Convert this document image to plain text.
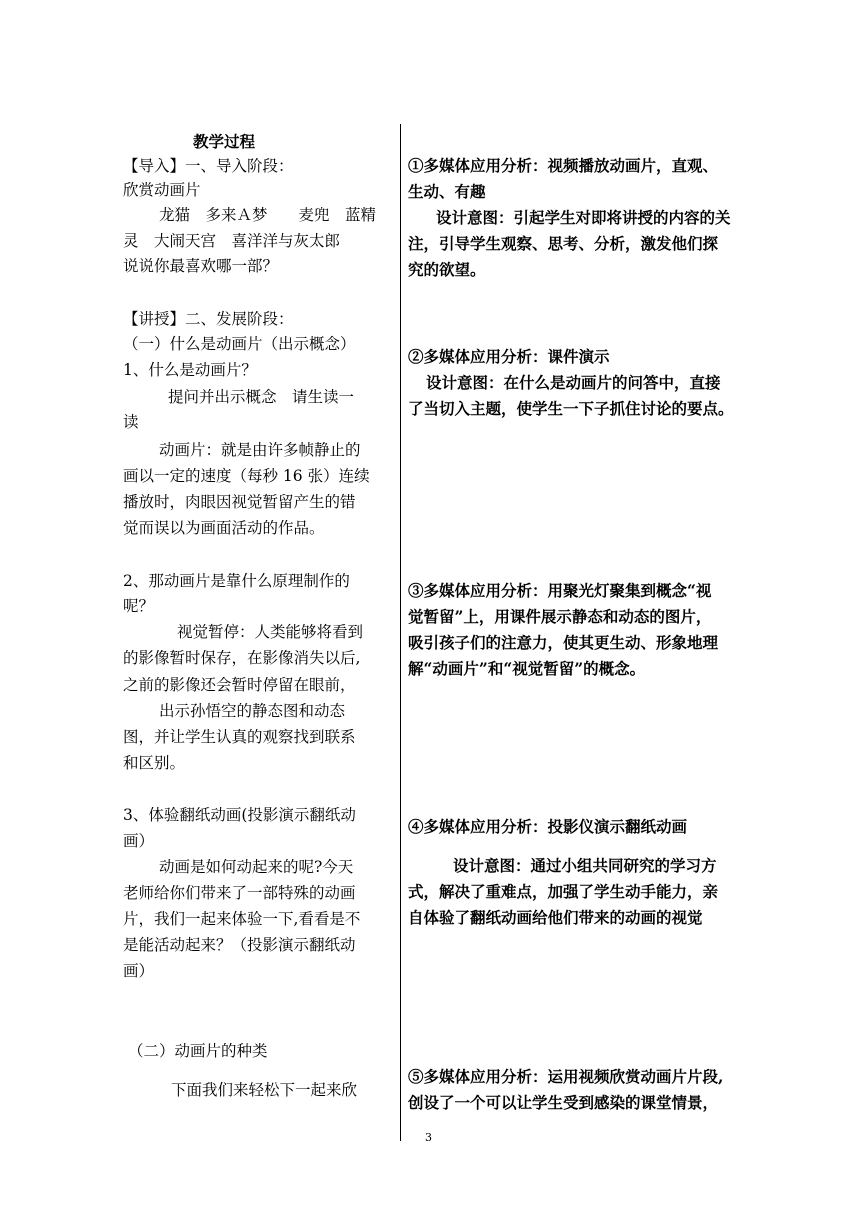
教学过程
【导入】一、导入阶段：
欣赏动画片
龙猫　多来Ａ梦　　麦兜　蓝精
灵　大闹天宫　喜洋洋与灰太郎
说说你最喜欢哪一部？
【讲授】二、发展阶段：
（一）什么是动画片（出示概念）
1、什么是动画片？
提问并出示概念　请生读一
读
动画片：就是由许多帧静止的
画以一定的速度（每秒 16 张）连续
播放时，肉眼因视觉暂留产生的错
觉而误以为画面活动的作品。
2、那动画片是靠什么原理制作的
呢？
视觉暂停：人类能够将看到
的影像暂时保存，在影像消失以后,
之前的影像还会暂时停留在眼前，
出示孙悟空的静态图和动态
图，并让学生认真的观察找到联系
和区别。
3、体验翻纸动画(投影演示翻纸动
画）
动画是如何动起来的呢?今天
老师给你们带来了一部特殊的动画
片，我们一起来体验一下,看看是不
是能活动起来？（投影演示翻纸动
画）
（二）动画片的种类
下面我们来轻松下一起来欣
①多媒体应用分析：视频播放动画片，直观、
生动、有趣
设计意图：引起学生对即将讲授的内容的关
注，引导学生观察、思考、分析，激发他们探
究的欲望。
②多媒体应用分析：课件演示
设计意图：在什么是动画片的问答中，直接
了当切入主题，使学生一下子抓住讨论的要点。
③多媒体应用分析：用聚光灯聚集到概念“视
觉暂留”上，用课件展示静态和动态的图片，
吸引孩子们的注意力，使其更生动、形象地理
解“动画片”和“视觉暂留”的概念。
④多媒体应用分析：投影仪演示翻纸动画
设计意图：通过小组共同研究的学习方
式，解决了重难点，加强了学生动手能力，亲
自体验了翻纸动画给他们带来的动画的视觉
⑤多媒体应用分析：运用视频欣赏动画片片段,
创设了一个可以让学生受到感染的课堂情景，
3
